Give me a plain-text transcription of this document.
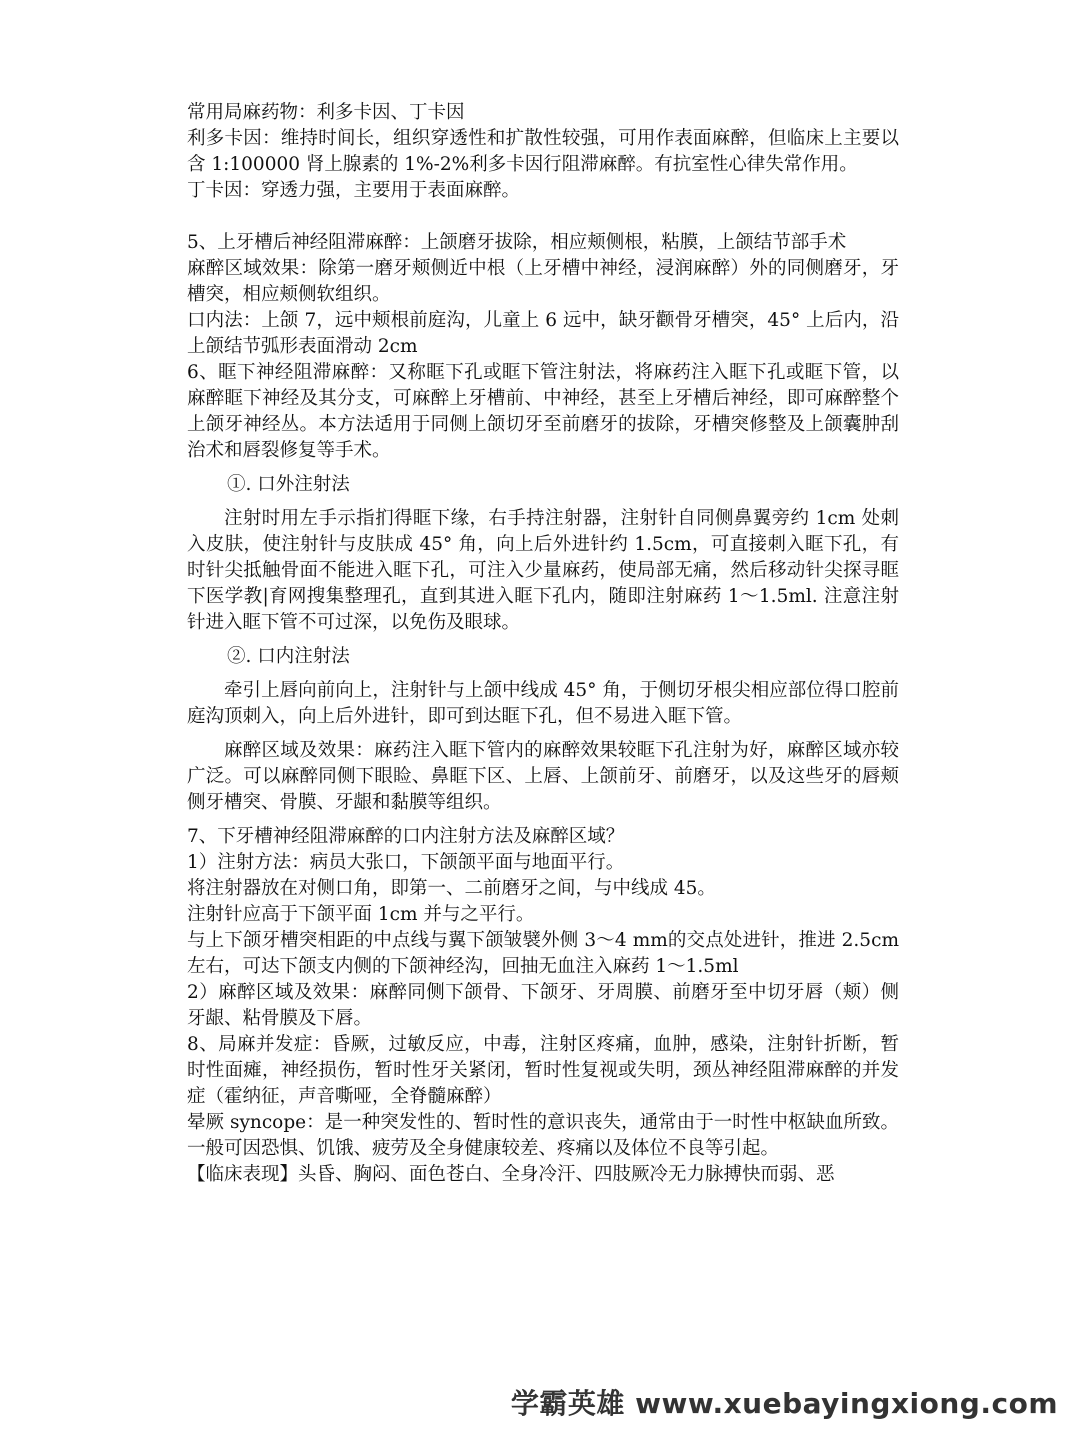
常用局麻药物：利多卡因、丁卡因

利多卡因：维持时间长，组织穿透性和扩散性较强，可用作表面麻醉，但临床上主要以含 1:100000 肾上腺素的 1%-2%利多卡因行阻滞麻醉。有抗室性心律失常作用。

丁卡因：穿透力强，主要用于表面麻醉。

5、上牙槽后神经阻滞麻醉：上颌磨牙拔除，相应颊侧根，粘膜，上颌结节部手术

麻醉区域效果：除第一磨牙颊侧近中根（上牙槽中神经，浸润麻醉）外的同侧磨牙，牙槽突，相应颊侧软组织。

口内法：上颌 7，远中颊根前庭沟，儿童上 6 远中，缺牙颧骨牙槽突，45° 上后内，沿上颌结节弧形表面滑动 2cm

6、眶下神经阻滞麻醉：又称眶下孔或眶下管注射法，将麻药注入眶下孔或眶下管，以麻醉眶下神经及其分支，可麻醉上牙槽前、中神经，甚至上牙槽后神经，即可麻醉整个上颌牙神经丛。本方法适用于同侧上颌切牙至前磨牙的拔除，牙槽突修整及上颌囊肿刮治术和唇裂修复等手术。

①. 口外注射法

注射时用左手示指扪得眶下缘，右手持注射器，注射针自同侧鼻翼旁约 1cm 处刺入皮肤，使注射针与皮肤成 45° 角，向上后外进针约 1.5cm，可直接刺入眶下孔，有时针尖抵触骨面不能进入眶下孔，可注入少量麻药，使局部无痛，然后移动针尖探寻眶下医学教|育网搜集整理孔，直到其进入眶下孔内，随即注射麻药 1～1.5ml. 注意注射针进入眶下管不可过深，以免伤及眼球。

②. 口内注射法

牵引上唇向前向上，注射针与上颌中线成 45° 角，于侧切牙根尖相应部位得口腔前庭沟顶刺入，向上后外进针，即可到达眶下孔，但不易进入眶下管。

麻醉区域及效果：麻药注入眶下管内的麻醉效果较眶下孔注射为好，麻醉区域亦较广泛。可以麻醉同侧下眼睑、鼻眶下区、上唇、上颌前牙、前磨牙，以及这些牙的唇颊侧牙槽突、骨膜、牙龈和黏膜等组织。

7、下牙槽神经阻滞麻醉的口内注射方法及麻醉区域？

1）注射方法：病员大张口，下颌颌平面与地面平行。

将注射器放在对侧口角，即第一、二前磨牙之间，与中线成 45。

注射针应高于下颌平面 1cm 并与之平行。

与上下颌牙槽突相距的中点线与翼下颌皱襞外侧 3～4 mm的交点处进针，推进 2.5cm 左右，可达下颌支内侧的下颌神经沟，回抽无血注入麻药 1～1.5ml

2）麻醉区域及效果：麻醉同侧下颌骨、下颌牙、牙周膜、前磨牙至中切牙唇（颊）侧牙龈、粘骨膜及下唇。

8、局麻并发症：昏厥，过敏反应，中毒，注射区疼痛，血肿，感染，注射针折断，暂时性面瘫，神经损伤，暂时性牙关紧闭，暂时性复视或失明，颈丛神经阻滞麻醉的并发症（霍纳征，声音嘶哑，全脊髓麻醉）

晕厥 syncope：是一种突发性的、暂时性的意识丧失，通常由于一时性中枢缺血所致。一般可因恐惧、饥饿、疲劳及全身健康较差、疼痛以及体位不良等引起。

【临床表现】头昏、胸闷、面色苍白、全身冷汗、四肢厥冷无力脉搏快而弱、恶

学霸英雄 www.xuebayingxiong.com
